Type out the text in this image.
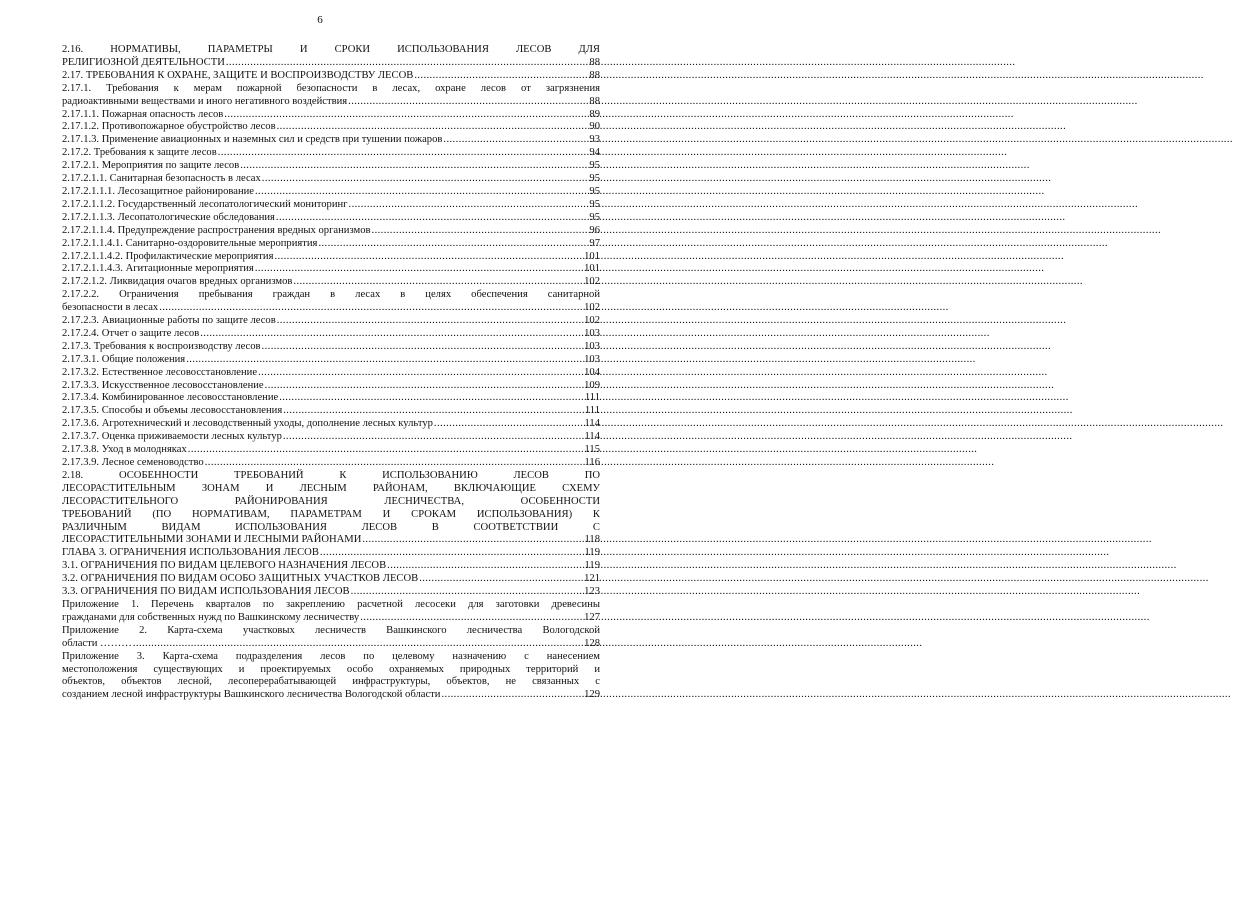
6
2.16. НОРМАТИВЫ, ПАРАМЕТРЫ И СРОКИ ИСПОЛЬЗОВАНИЯ ЛЕСОВ ДЛЯ
РЕЛИГИОЗНОЙ ДЕЯТЕЛЬНОСТИ .....	88
2.17. ТРЕБОВАНИЯ К ОХРАНЕ, ЗАЩИТЕ И ВОСПРОИЗВОДСТВУ ЛЕСОВ .....	88
2.17.1. Требования к мерам пожарной безопасности в лесах, охране лесов от загрязнения
радиоактивными веществами и иного негативного воздействия .....	88
2.17.1.1. Пожарная опасность лесов .....	89
2.17.1.2. Противопожарное обустройство лесов .....	90
2.17.1.3. Применение авиационных и наземных сил и средств при тушении пожаров .....	93
2.17.2. Требования к защите лесов .....	94
2.17.2.1. Мероприятия по защите лесов .....	95
2.17.2.1.1. Санитарная безопасность в лесах .....	95
2.17.2.1.1.1. Лесозащитное районирование .....	95
2.17.2.1.1.2. Государственный лесопатологический мониторинг .....	95
2.17.2.1.1.3. Лесопатологические обследования .....	95
2.17.2.1.1.4. Предупреждение распространения вредных организмов .....	96
2.17.2.1.1.4.1. Санитарно-оздоровительные мероприятия .....	97
2.17.2.1.1.4.2. Профилактические мероприятия .....	101
2.17.2.1.1.4.3. Агитационные мероприятия .....	101
2.17.2.1.2. Ликвидация очагов вредных организмов .....	102
2.17.2.2. Ограничения пребывания граждан в лесах в целях обеспечения санитарной
безопасности в лесах .....	102
2.17.2.3. Авиационные работы по защите лесов .....	102
2.17.2.4. Отчет о защите лесов .....	103
2.17.3. Требования к воспроизводству лесов .....	103
2.17.3.1. Общие положения .....	103
2.17.3.2. Естественное лесовосстановление .....	104
2.17.3.3. Искусственное лесовосстановление .....	109
2.17.3.4. Комбинированное лесовосстановление .....	111
2.17.3.5. Способы и объемы лесовосстановления .....	111
2.17.3.6. Агротехнический и лесоводственный уходы, дополнение лесных культур .....	114
2.17.3.7. Оценка приживаемости лесных культур .....	114
2.17.3.8. Уход в молодняках .....	115
2.17.3.9. Лесное семеноводство .....	116
2.18. ОСОБЕННОСТИ ТРЕБОВАНИЙ К ИСПОЛЬЗОВАНИЮ ЛЕСОВ ПО
ЛЕСОРАСТИТЕЛЬНЫМ ЗОНАМ И ЛЕСНЫМ РАЙОНАМ, ВКЛЮЧАЮЩИЕ СХЕМУ
ЛЕСОРАСТИТЕЛЬНОГО РАЙОНИРОВАНИЯ ЛЕСНИЧЕСТВА, ОСОБЕННОСТИ
ТРЕБОВАНИЙ (ПО НОРМАТИВАМ, ПАРАМЕТРАМ И СРОКАМ ИСПОЛЬЗОВАНИЯ) К
РАЗЛИЧНЫМ ВИДАМ ИСПОЛЬЗОВАНИЯ ЛЕСОВ В СООТВЕТСТВИИ С
ЛЕСОРАСТИТЕЛЬНЫМИ ЗОНАМИ И ЛЕСНЫМИ РАЙОНАМИ .....	118
ГЛАВА 3. ОГРАНИЧЕНИЯ ИСПОЛЬЗОВАНИЯ ЛЕСОВ .....	119
3.1. ОГРАНИЧЕНИЯ ПО ВИДАМ ЦЕЛЕВОГО НАЗНАЧЕНИЯ ЛЕСОВ .....	119
3.2. ОГРАНИЧЕНИЯ ПО ВИДАМ ОСОБО ЗАЩИТНЫХ УЧАСТКОВ ЛЕСОВ .....	121
3.3. ОГРАНИЧЕНИЯ ПО ВИДАМ ИСПОЛЬЗОВАНИЯ ЛЕСОВ .....	123
Приложение 1. Перечень кварталов по закреплению расчетной лесосеки для заготовки древесины
гражданами для собственных нужд по Вашкинскому лесничеству .....	127
Приложение 2. Карта-схема участковых лесничеств Вашкинского лесничества Вологодской
области ……… .....	128
Приложение 3. Карта-схема подразделения лесов по целевому назначению с нанесением
местоположения существующих и проектируемых особо охраняемых природных территорий и
объектов, объектов лесной, лесоперерабатывающей инфраструктуры, объектов, не связанных с
созданием лесной инфраструктуры Вашкинского лесничества Вологодской области .....	129
